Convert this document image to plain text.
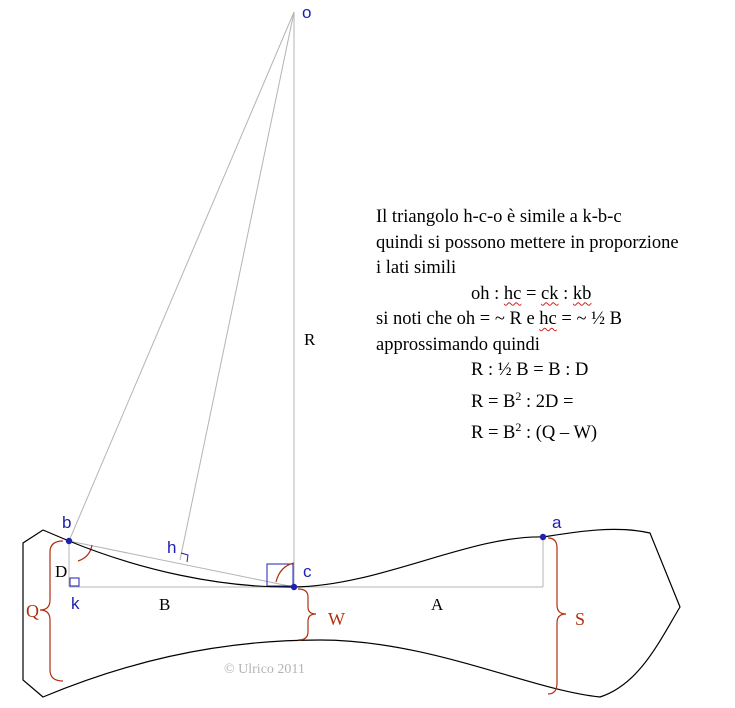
o
b	a
c
h
k
R
B	A
D
Q	W	S
© Ulrico 2011
Il triangolo h-c-o è simile a k-b-c
quindi si possono mettere in proporzione
i lati simili
oh : hc = ck : kb
si noti che oh = ~ R e hc = ~ ½ B
approssimando quindi
R : ½ B = B : D
$R = B^2$ : 2D =
$R = B^2$ : (Q – W)
